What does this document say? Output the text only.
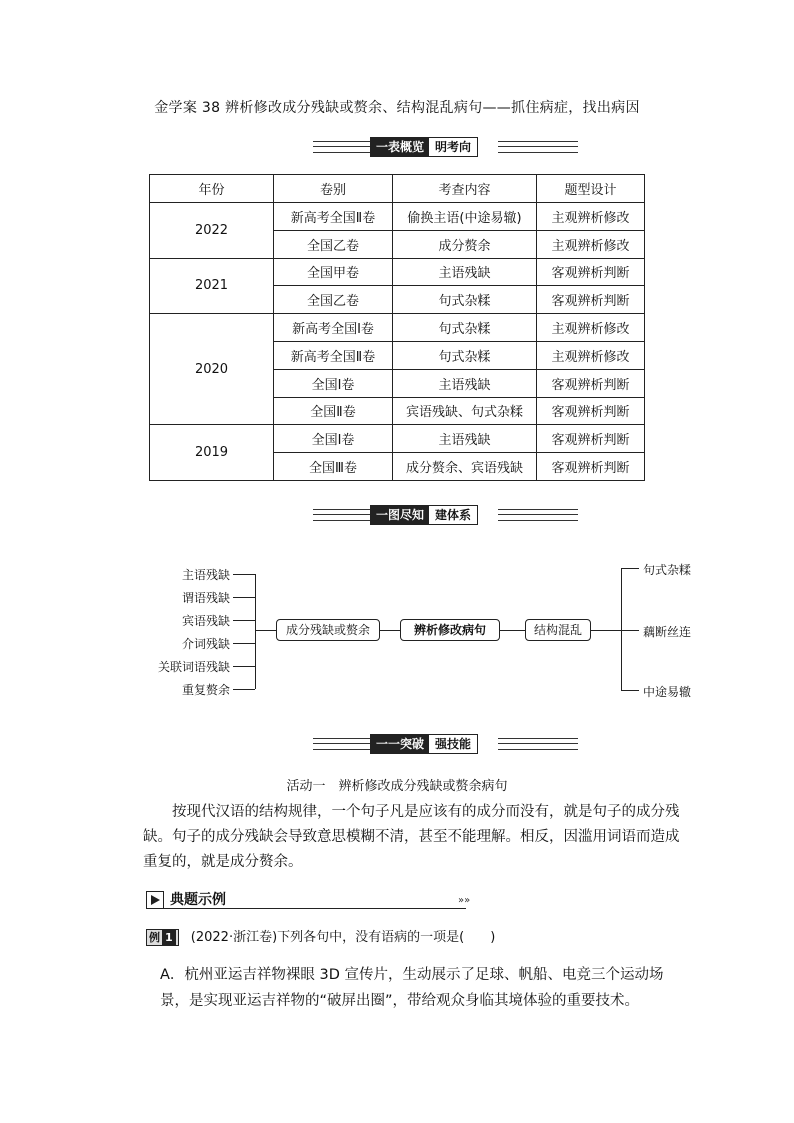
金学案 38 辨析修改成分残缺或赘余、结构混乱病句——抓住病症，找出病因
一表概览 明考向
年份	卷别	考查内容	题型设计
2022	新高考全国Ⅱ卷	偷换主语(中途易辙)	主观辨析修改
	全国乙卷	成分赘余	主观辨析修改
2021	全国甲卷	主语残缺	客观辨析判断
	全国乙卷	句式杂糅	客观辨析判断
2020	新高考全国Ⅰ卷	句式杂糅	主观辨析修改
	新高考全国Ⅱ卷	句式杂糅	主观辨析修改
	全国Ⅰ卷	主语残缺	客观辨析判断
	全国Ⅱ卷	宾语残缺、句式杂糅	客观辨析判断
2019	全国Ⅰ卷	主语残缺	客观辨析判断
	全国Ⅲ卷	成分赘余、宾语残缺	客观辨析判断
一图尽知 建体系
主语残缺
谓语残缺
宾语残缺
介词残缺
关联词语残缺
重复赘余
成分残缺或赘余	辨析修改病句	结构混乱
句式杂糅
藕断丝连
中途易辙
一一突破 强技能
活动一　辨析修改成分残缺或赘余病句
按现代汉语的结构规律，一个句子凡是应该有的成分而没有，就是句子的成分残缺。句子的成分残缺会导致意思模糊不清，甚至不能理解。相反，因滥用词语而造成重复的，就是成分赘余。
典题示例	»»
例 1 (2022·浙江卷)下列各句中，没有语病的一项是(　　)
A．杭州亚运吉祥物裸眼 3D 宣传片，生动展示了足球、帆船、电竞三个运动场景，是实现亚运吉祥物的“破屏出圈”，带给观众身临其境体验的重要技术。
